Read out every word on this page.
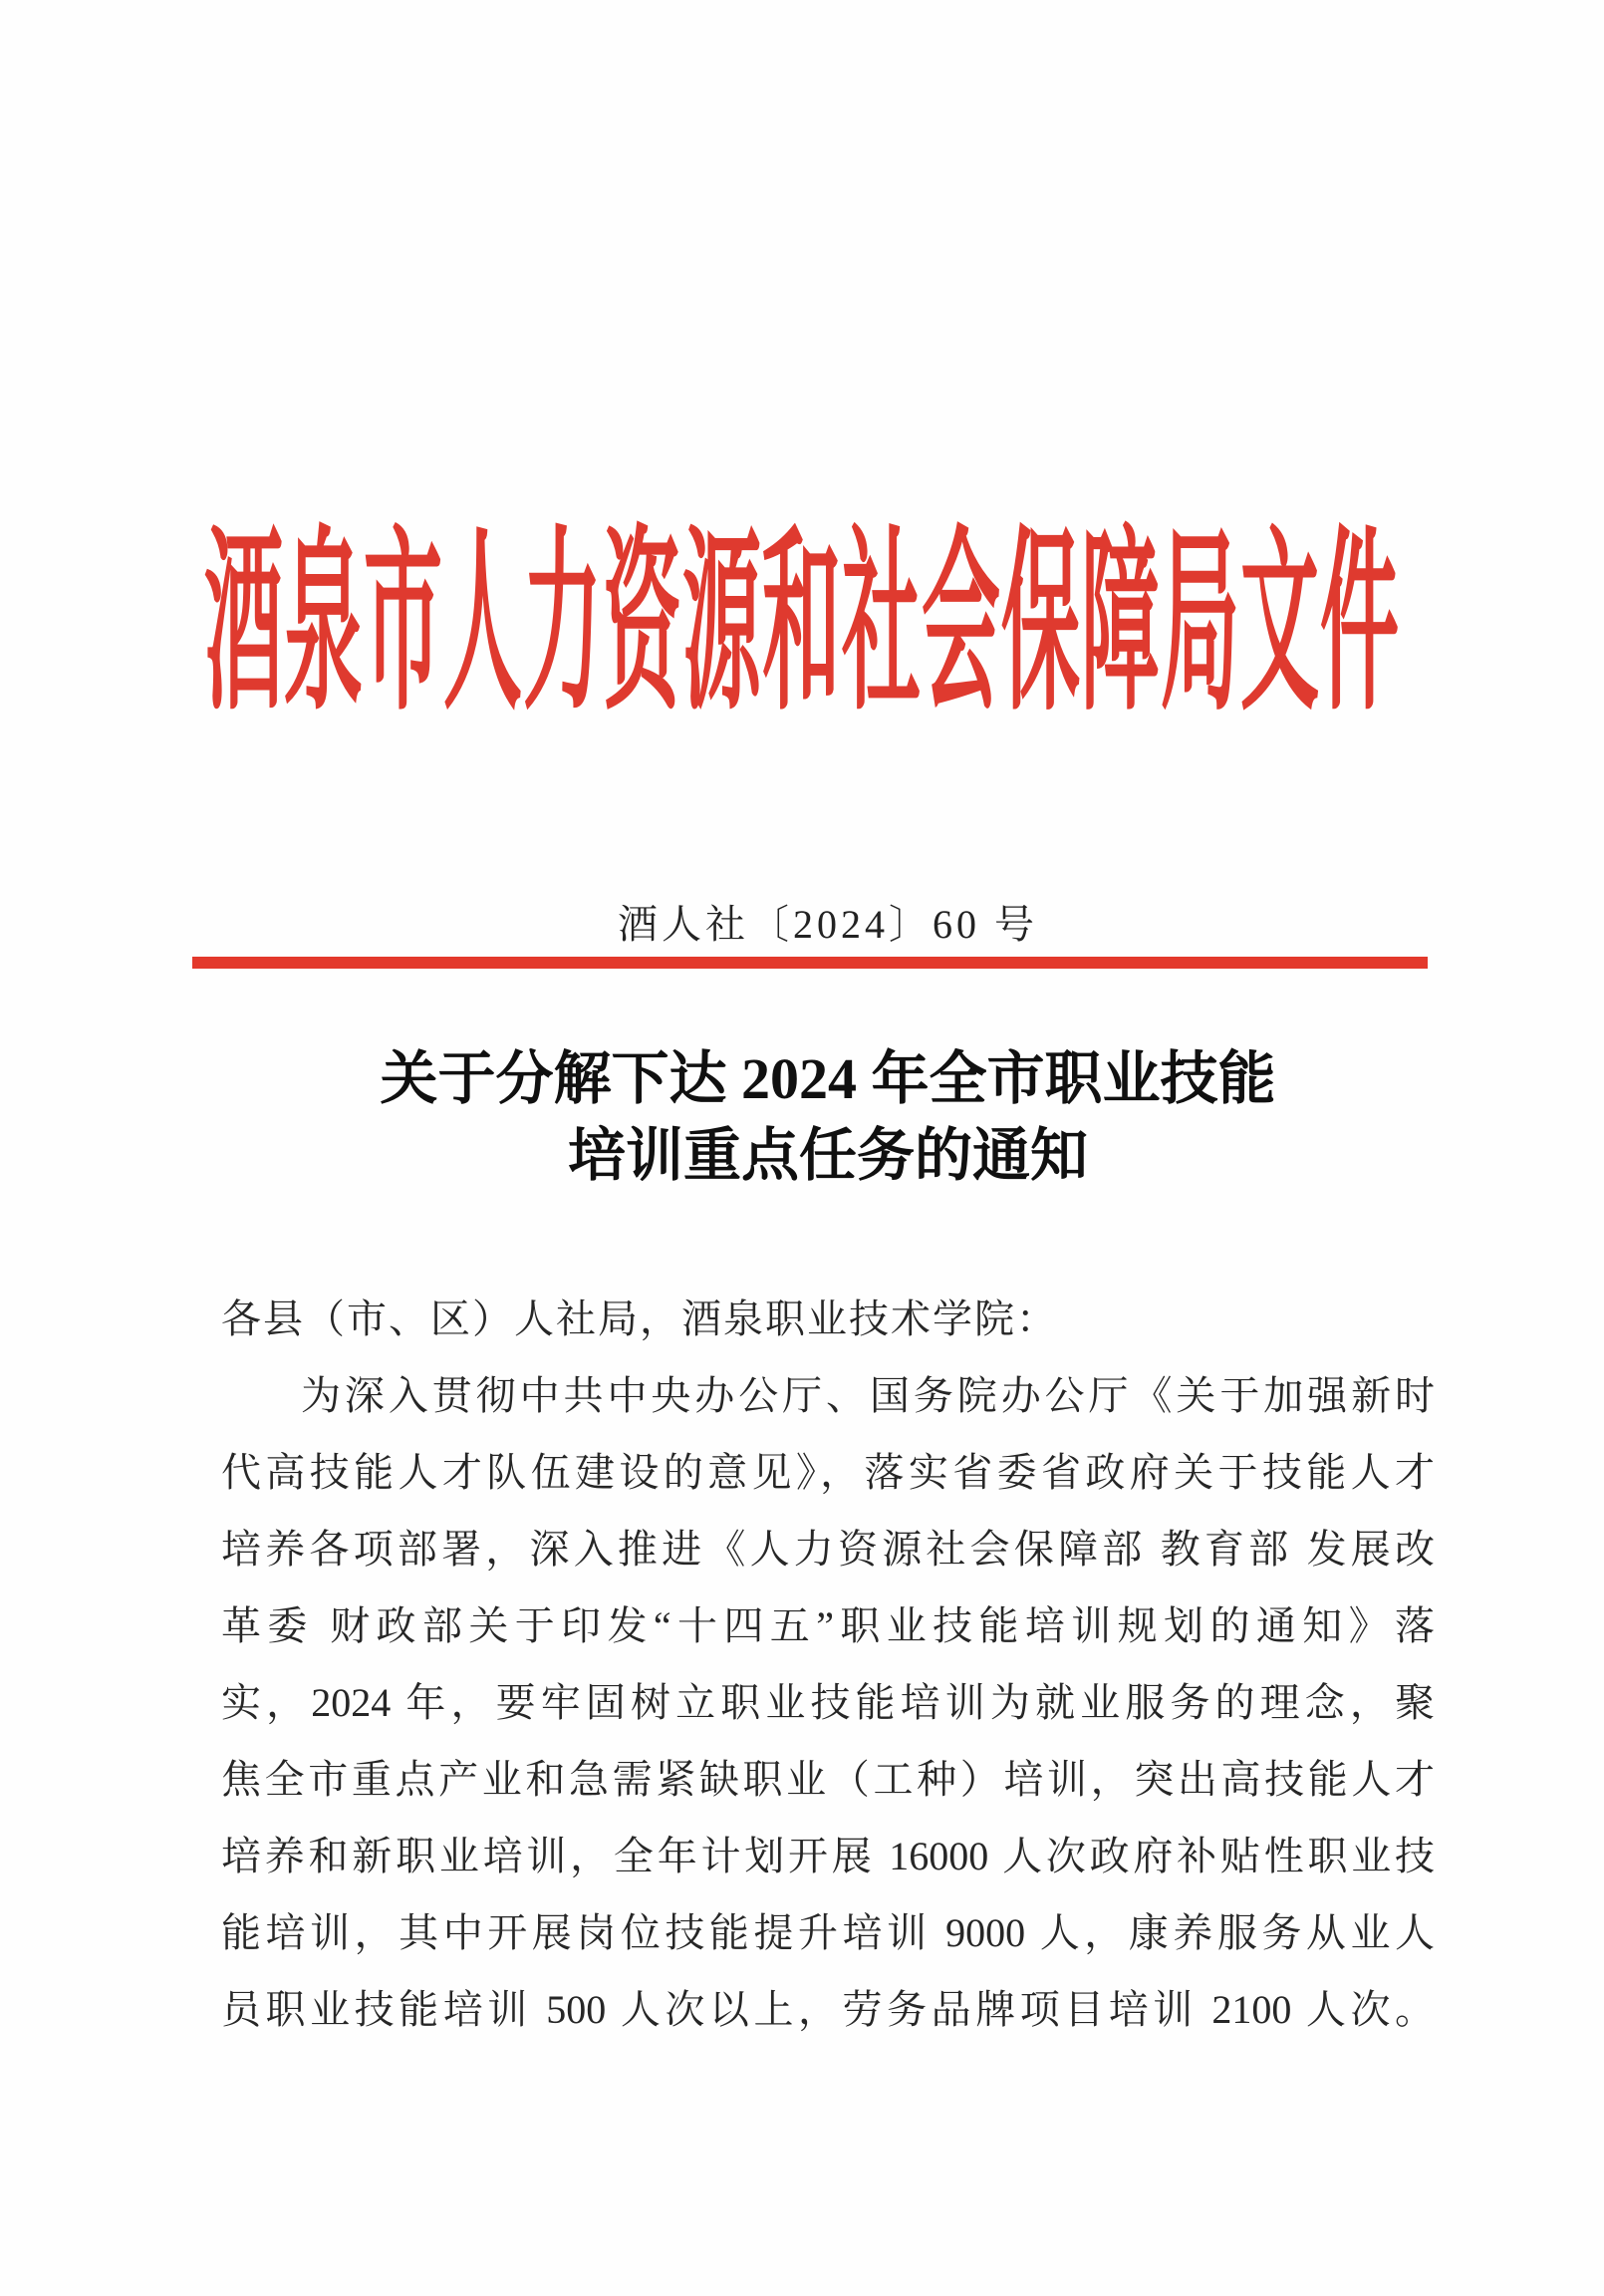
酒泉市人力资源和社会保障局文件
酒人社〔2024〕60 号
关于分解下达 2024 年全市职业技能
培训重点任务的通知
各县（市、区）人社局，酒泉职业技术学院：
为深入贯彻中共中央办公厅、国务院办公厅《关于加强新时
代高技能人才队伍建设的意见》，落实省委省政府关于技能人才
培养各项部署，深入推进《人力资源社会保障部 教育部 发展改
革委 财政部关于印发“十四五”职业技能培训规划的通知》落
实，2024 年，要牢固树立职业技能培训为就业服务的理念，聚
焦全市重点产业和急需紧缺职业（工种）培训，突出高技能人才
培养和新职业培训，全年计划开展 16000 人次政府补贴性职业技
能培训，其中开展岗位技能提升培训 9000 人，康养服务从业人
员职业技能培训 500 人次以上，劳务品牌项目培训 2100 人次。
